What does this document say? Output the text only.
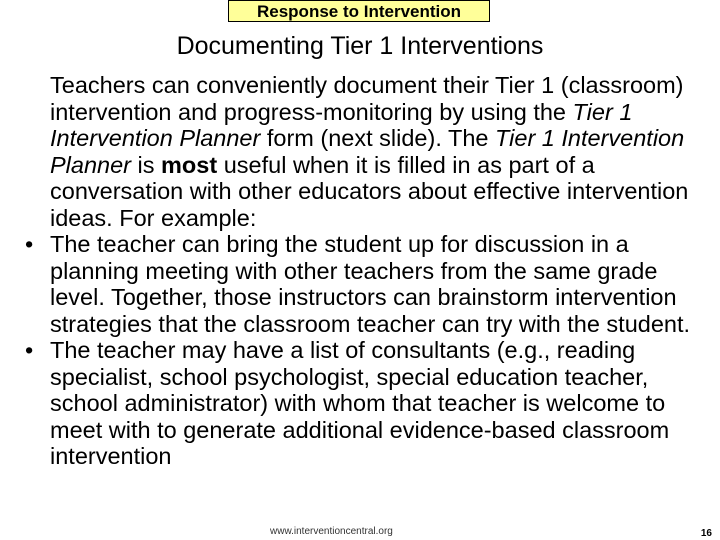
Response to Intervention
Documenting Tier 1 Interventions
Teachers can conveniently document their Tier 1 (classroom) intervention and progress-monitoring by using the Tier 1 Intervention Planner form (next slide). The Tier 1 Intervention Planner is most useful when it is filled in as part of a conversation with other educators about effective intervention ideas. For example:
• The teacher can bring the student up for discussion in a planning meeting with other teachers from the same grade level. Together, those instructors can brainstorm intervention strategies that the classroom teacher can try with the student.
• The teacher may have a list of consultants (e.g., reading specialist, school psychologist, special education teacher, school administrator) with whom that teacher is welcome to meet with to generate additional evidence-based classroom intervention
www.interventioncentral.org	16
